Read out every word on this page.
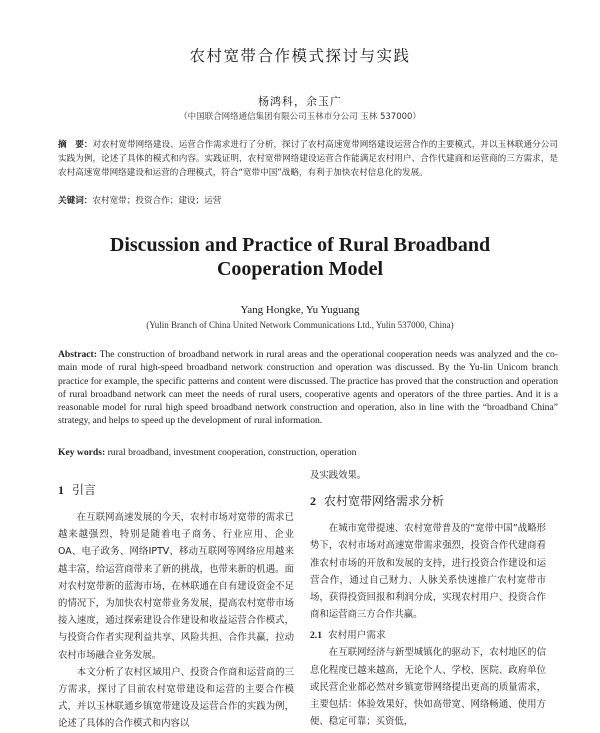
农村宽带合作模式探讨与实践
杨鸿科，余玉广
（中国联合网络通信集团有限公司玉林市分公司 玉林 537000）
摘　要：对农村宽带网络建设、运营合作需求进行了分析，探讨了农村高速宽带网络建设运营合作的主要模式，并以玉林联通分公司实践为例，论述了具体的模式和内容。实践证明，农村宽带网络建设运营合作能满足农村用户、合作代建商和运营商的三方需求，是农村高速宽带网络建设和运营的合理模式，符合“宽带中国”战略，有利于加快农村信息化的发展。
关键词：农村宽带；投资合作；建设；运营
Discussion and Practice of Rural Broadband
Cooperation Model
Yang Hongke, Yu Yuguang
(Yulin Branch of China United Network Communications Ltd., Yulin 537000, China)
Abstract: The construction of broadband network in rural areas and the operational cooperation needs was analyzed and the co-main mode of rural high-speed broadband network construction and operation was discussed. By the Yu-lin Unicom branch practice for example, the specific patterns and content were discussed. The practice has proved that the construction and operation of rural broadband network can meet the needs of rural users, cooperative agents and operators of the three parties. And it is a reasonable model for rural high speed broadband network construction and operation, also in line with the “broadband China” strategy, and helps to speed up the development of rural information.
Key words: rural broadband, investment cooperation, construction, operation
1 引言

在互联网高速发展的今天，农村市场对宽带的需求已越来越强烈，特别是随着电子商务、行业应用、企业OA、电子政务、网络IPTV、移动互联网等网络应用越来越丰富，给运营商带来了新的挑战，也带来新的机遇。面对农村宽带新的蓝海市场，在林联通在自有建设资金不足的情况下，为加快农村宽带业务发展，提高农村宽带市场接入速度，通过探索建设合作建设和收益运营合作模式，与投资合作者实现利益共享、风险共担、合作共赢，拉动农村市场融合业务发展。

本文分析了农村区域用户、投资合作商和运营商的三方需求，探讨了目前农村宽带建设和运营的主要合作模式，并以玉林联通乡镇宽带建设及运营合作的实践为例，论述了具体的合作模式和内容以

及实践效果。

2 农村宽带网络需求分析

在城市宽带提速、农村宽带普及的“宽带中国”战略形势下，农村市场对高速宽带需求强烈，投资合作代建商看准农村市场的开放和发展的支持，进行投资合作建设和运营合作，通过自己财力、人脉关系快速推广农村宽带市场，获得投资回报和利润分成，实现农村用户、投资合作商和运营商三方合作共赢。

2.1 农村用户需求

在互联网经济与新型城镇化的驱动下，农村地区的信息化程度已越来越高，无论个人、学校、医院、政府单位或民营企业都必然对乡镇宽带网络提出更高的质量需求，主要包括：体验效果好，快如高带宽、网络畅通、使用方便、稳定可靠；买资低，
